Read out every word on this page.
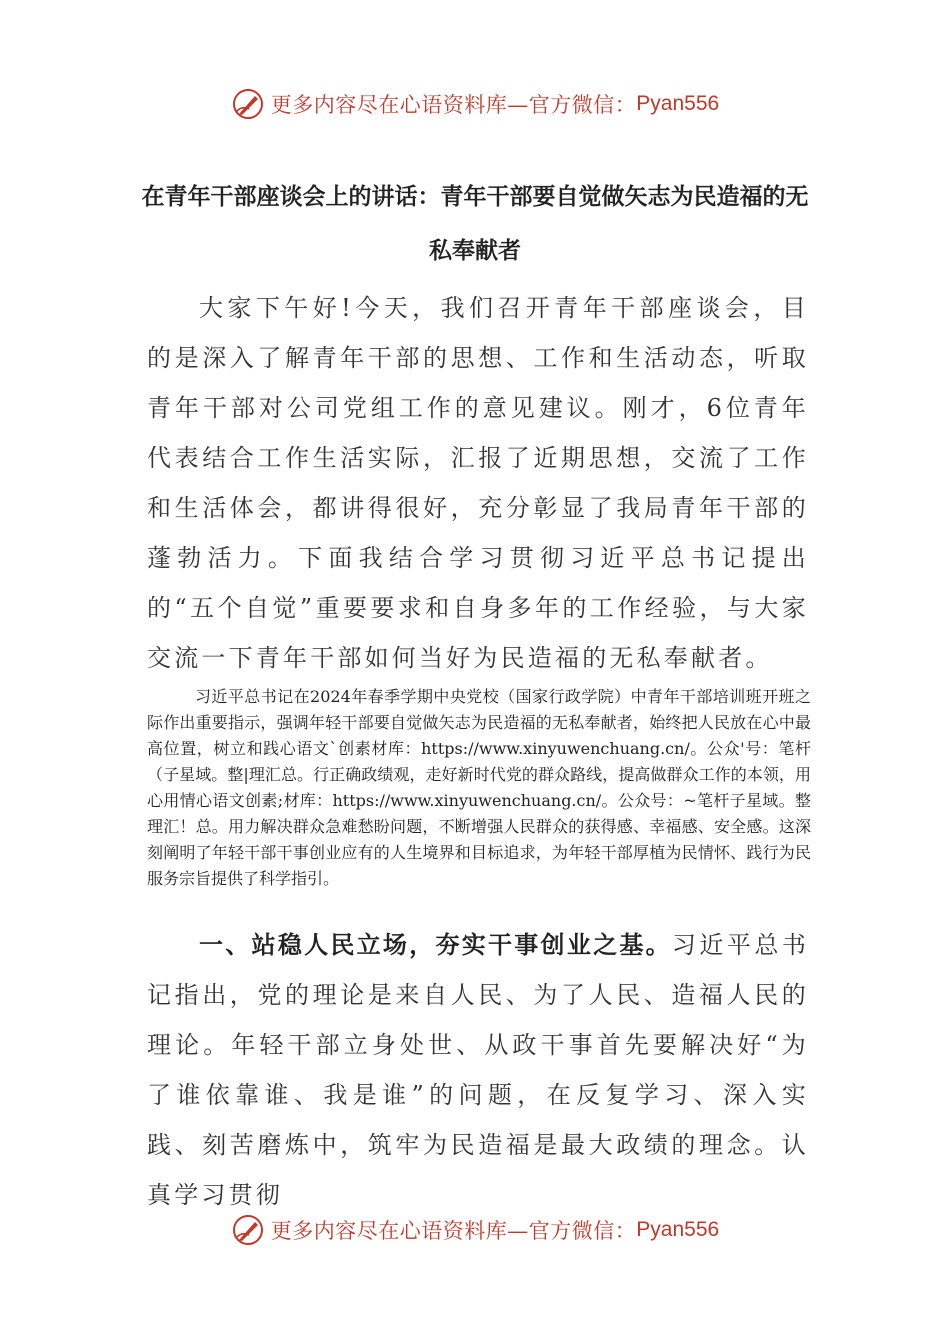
更多内容尽在心语资料库—官方微信： Pyan556
在青年干部座谈会上的讲话：青年干部要自觉做矢志为民造福的无私奉献者

大家下午好!今天，我们召开青年干部座谈会，目的是深入了解青年干部的思想、工作和生活动态，听取青年干部对公司党组工作的意见建议。刚才，6位青年代表结合工作生活实际，汇报了近期思想，交流了工作和生活体会，都讲得很好，充分彰显了我局青年干部的蓬勃活力。下面我结合学习贯彻习近平总书记提出的“五个自觉”重要要求和自身多年的工作经验，与大家交流一下青年干部如何当好为民造福的无私奉献者。

习近平总书记在2024年春季学期中央党校（国家行政学院）中青年干部培训班开班之际作出重要指示，强调年轻干部要自觉做矢志为民造福的无私奉献者，始终把人民放在心中最高位置，树立和践心语文`创素材库：https://www.xinyuwenchuang.cn/。公众'号：笔杆（子星域。整|理汇总。行正确政绩观，走好新时代党的群众路线，提高做群众工作的本领，用心用情心语文创素;材库：https://www.xinyuwenchuang.cn/。公众号：~笔杆子星域。整理汇！总。用力解决群众急难愁盼问题，不断增强人民群众的获得感、幸福感、安全感。这深刻阐明了年轻干部干事创业应有的人生境界和目标追求，为年轻干部厚植为民情怀、践行为民服务宗旨提供了科学指引。

一、站稳人民立场，夯实干事创业之基。习近平总书记指出，党的理论是来自人民、为了人民、造福人民的理论。年轻干部立身处世、从政干事首先要解决好“为了谁依靠谁、我是谁”的问题，在反复学习、深入实践、刻苦磨炼中，筑牢为民造福是最大政绩的理念。认真学习贯彻

更多内容尽在心语资料库—官方微信： Pyan556
